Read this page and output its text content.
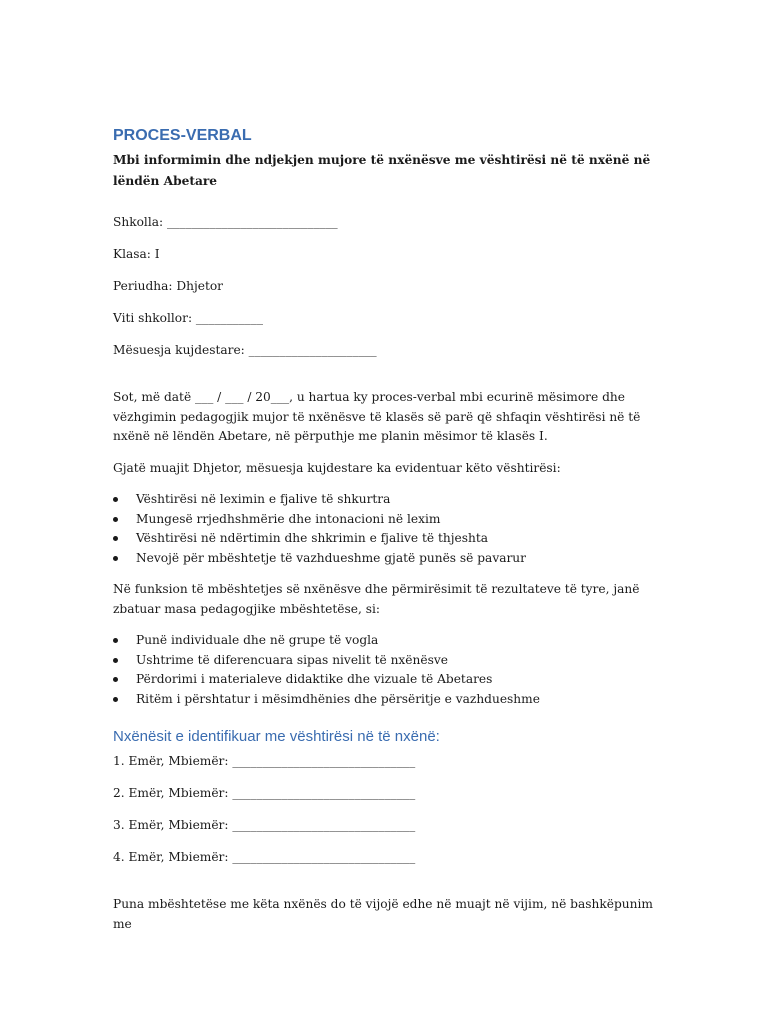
PROCES-VERBAL
Mbi informimin dhe ndjekjen mujore të nxënësve me vështirësi në të nxënë në lëndën Abetare
Shkolla: ____________________________
Klasa: I
Periudha: Dhjetor
Viti shkollor: ___________
Mësuesja kujdestare: _____________________
Sot, më datë ___ / ___ / 20___, u hartua ky proces-verbal mbi ecurinë mësimore dhe vëzhgimin pedagogjik mujor të nxënësve të klasës së parë që shfaqin vështirësi në të nxënë në lëndën Abetare, në përputhje me planin mësimor të klasës I.
Gjatë muajit Dhjetor, mësuesja kujdestare ka evidentuar këto vështirësi:
Vështirësi në leximin e fjalive të shkurtra
Mungesë rrjedhshmërie dhe intonacioni në lexim
Vështirësi në ndërtimin dhe shkrimin e fjalive të thjeshta
Nevojë për mbështetje të vazhdueshme gjatë punës së pavarur
Në funksion të mbështetjes së nxënësve dhe përmirësimit të rezultateve të tyre, janë zbatuar masa pedagogjike mbështetëse, si:
Punë individuale dhe në grupe të vogla
Ushtrime të diferencuara sipas nivelit të nxënësve
Përdorimi i materialeve didaktike dhe vizuale të Abetares
Ritëm i përshtatur i mësimdhënies dhe përsëritje e vazhdueshme
Nxënësit e identifikuar me vështirësi në të nxënë:
1. Emër, Mbiemër: ______________________________
2. Emër, Mbiemër: ______________________________
3. Emër, Mbiemër: ______________________________
4. Emër, Mbiemër: ______________________________
Puna mbështetëse me këta nxënës do të vijojë edhe në muajt në vijim, në bashkëpunim me
